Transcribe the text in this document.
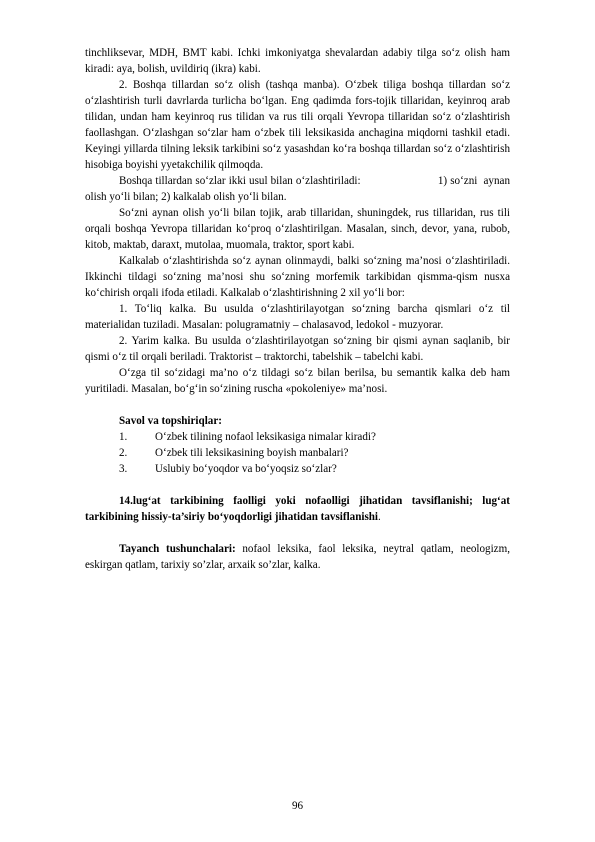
tinchliksevar, MDH, BMT kabi. Ichki imkoniyatga shevalardan adabiy tilga so‘z olish ham kiradi: aya, bolish, uvildiriq (ikra) kabi.

2. Boshqa tillardan so‘z olish (tashqa manba). O‘zbek tiliga boshqa tillardan so‘z o‘zlashtirish turli davrlarda turlicha bo‘lgan. Eng qadimda fors-tojik tillaridan, keyinroq arab tilidan, undan ham keyinroq rus tilidan va rus tili orqali Yevropa tillaridan so‘z o‘zlashtirish faollashgan. O‘zlashgan so‘zlar ham o‘zbek tili leksikasida anchagina miqdorni tashkil etadi. Keyingi yillarda tilning leksik tarkibini so‘z yasashdan ko‘ra boshqa tillardan so‘z o‘zlashtirish hisobiga boyishi yyetakchilik qilmoqda.

Boshqa tillardan so‘zlar ikki usul bilan o‘zlashtiriladi:                         1) so‘zni  aynan olish yo‘li bilan; 2) kalkalab olish yo‘li bilan.

So‘zni aynan olish yo‘li bilan tojik, arab tillaridan, shuningdek, rus tillaridan, rus tili orqali boshqa Yevropa tillaridan ko‘proq o‘zlashtirilgan. Masalan, sinch, devor, yana, rubob, kitob, maktab, daraxt, mutolaa, muomala, traktor, sport kabi.

Kalkalab o‘zlashtirishda so‘z aynan olinmaydi, balki so‘zning ma’nosi o‘zlashtiriladi. Ikkinchi tildagi so‘zning ma’nosi shu so‘zning morfemik tarkibidan qismma-qism nusxa ko‘chirish orqali ifoda etiladi. Kalkalab o‘zlashtirishning 2 xil yo‘li bor:

1. To‘liq kalka. Bu usulda o‘zlashtirilayotgan so‘zning barcha qismlari o‘z til materialidan tuziladi. Masalan: polugramatniy – chalasavod, ledokol - muzyorar.

2. Yarim kalka. Bu usulda o‘zlashtirilayotgan so‘zning bir qismi aynan saqlanib, bir qismi o‘z til orqali beriladi. Traktorist – traktorchi, tabelshik – tabelchi kabi.

O‘zga til so‘zidagi ma’no o‘z tildagi so‘z bilan berilsa, bu semantik kalka deb ham yuritiladi. Masalan, bo‘g‘in so‘zining ruscha «pokoleniye» ma’nosi.

Savol va topshiriqlar:

1.	O‘zbek tilining nofaol leksikasiga nimalar kiradi?
2.	O‘zbek tili leksikasining boyish manbalari?
3.	Uslubiy bo‘yoqdor va bo‘yoqsiz so‘zlar?

14.lug‘at tarkibining faolligi yoki nofaolligi jihatidan tavsiflanishi; lug‘at tarkibining hissiy-ta’siriy bo‘yoqdorligi jihatidan tavsiflanishi.

Tayanch tushunchalari: nofaol leksika, faol leksika, neytral qatlam, neologizm, eskirgan qatlam, tarixiy so’zlar, arxaik so’zlar, kalka.

96
